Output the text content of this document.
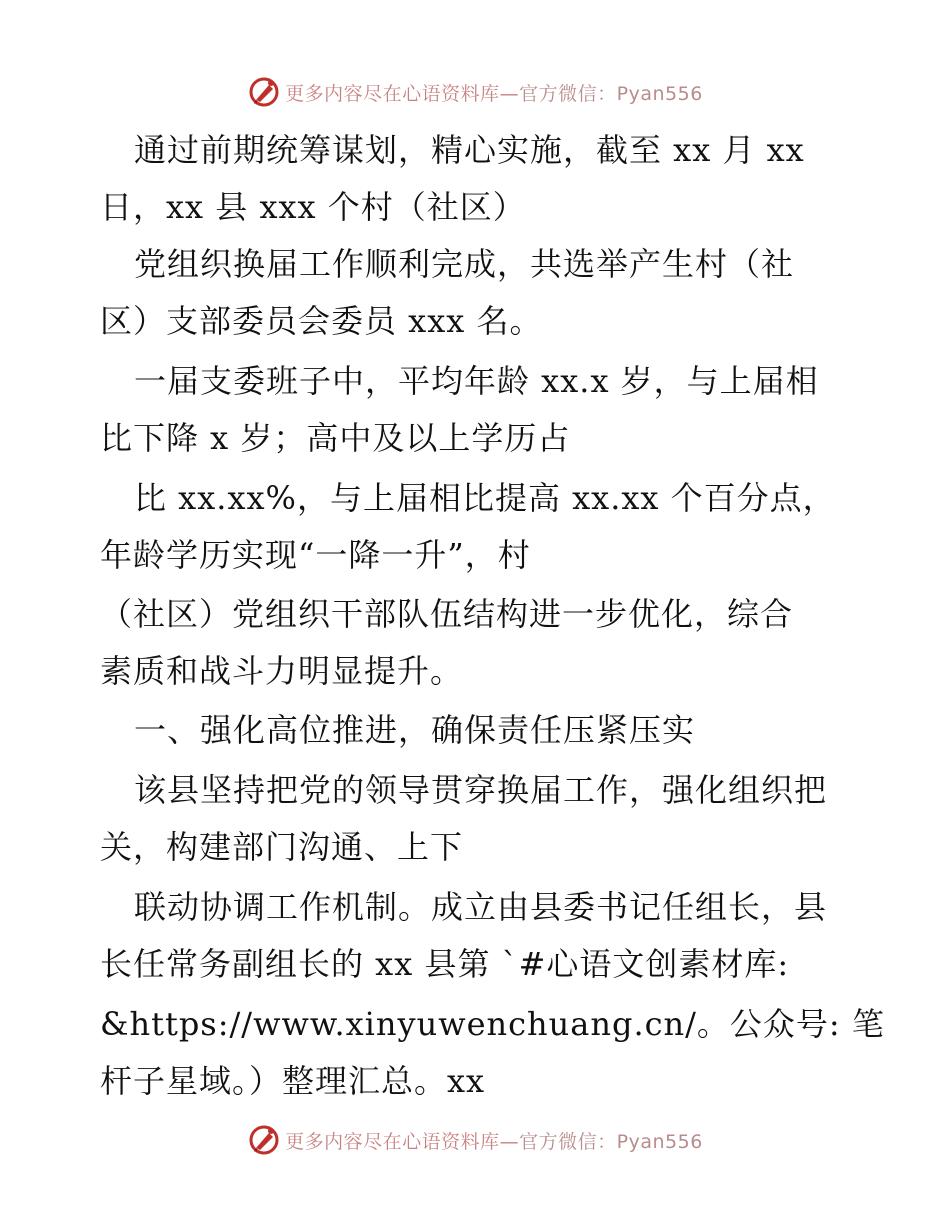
更多内容尽在心语资料库—官方微信：Pyan556
通过前期统筹谋划，精心实施，截至 xx 月 xx
日，xx 县 xxx 个村（社区）
党组织换届工作顺利完成，共选举产生村（社
区）支部委员会委员 xxx 名。
一届支委班子中，平均年龄 xx.x 岁，与上届相
比下降 x 岁；高中及以上学历占
比 xx.xx%，与上届相比提高 xx.xx 个百分点，
年龄学历实现“一降一升”，村
（社区）党组织干部队伍结构进一步优化，综合
素质和战斗力明显提升。
一、强化高位推进，确保责任压紧压实
该县坚持把党的领导贯穿换届工作，强化组织把
关，构建部门沟通、上下
联动协调工作机制。成立由县委书记任组长，县
长任常务副组长的 xx 县第 `#心语文创素材库:
&https://www.xinyuwenchuang.cn/。公众号: 笔
杆子星域。）整理汇总。xx
更多内容尽在心语资料库—官方微信：Pyan556
